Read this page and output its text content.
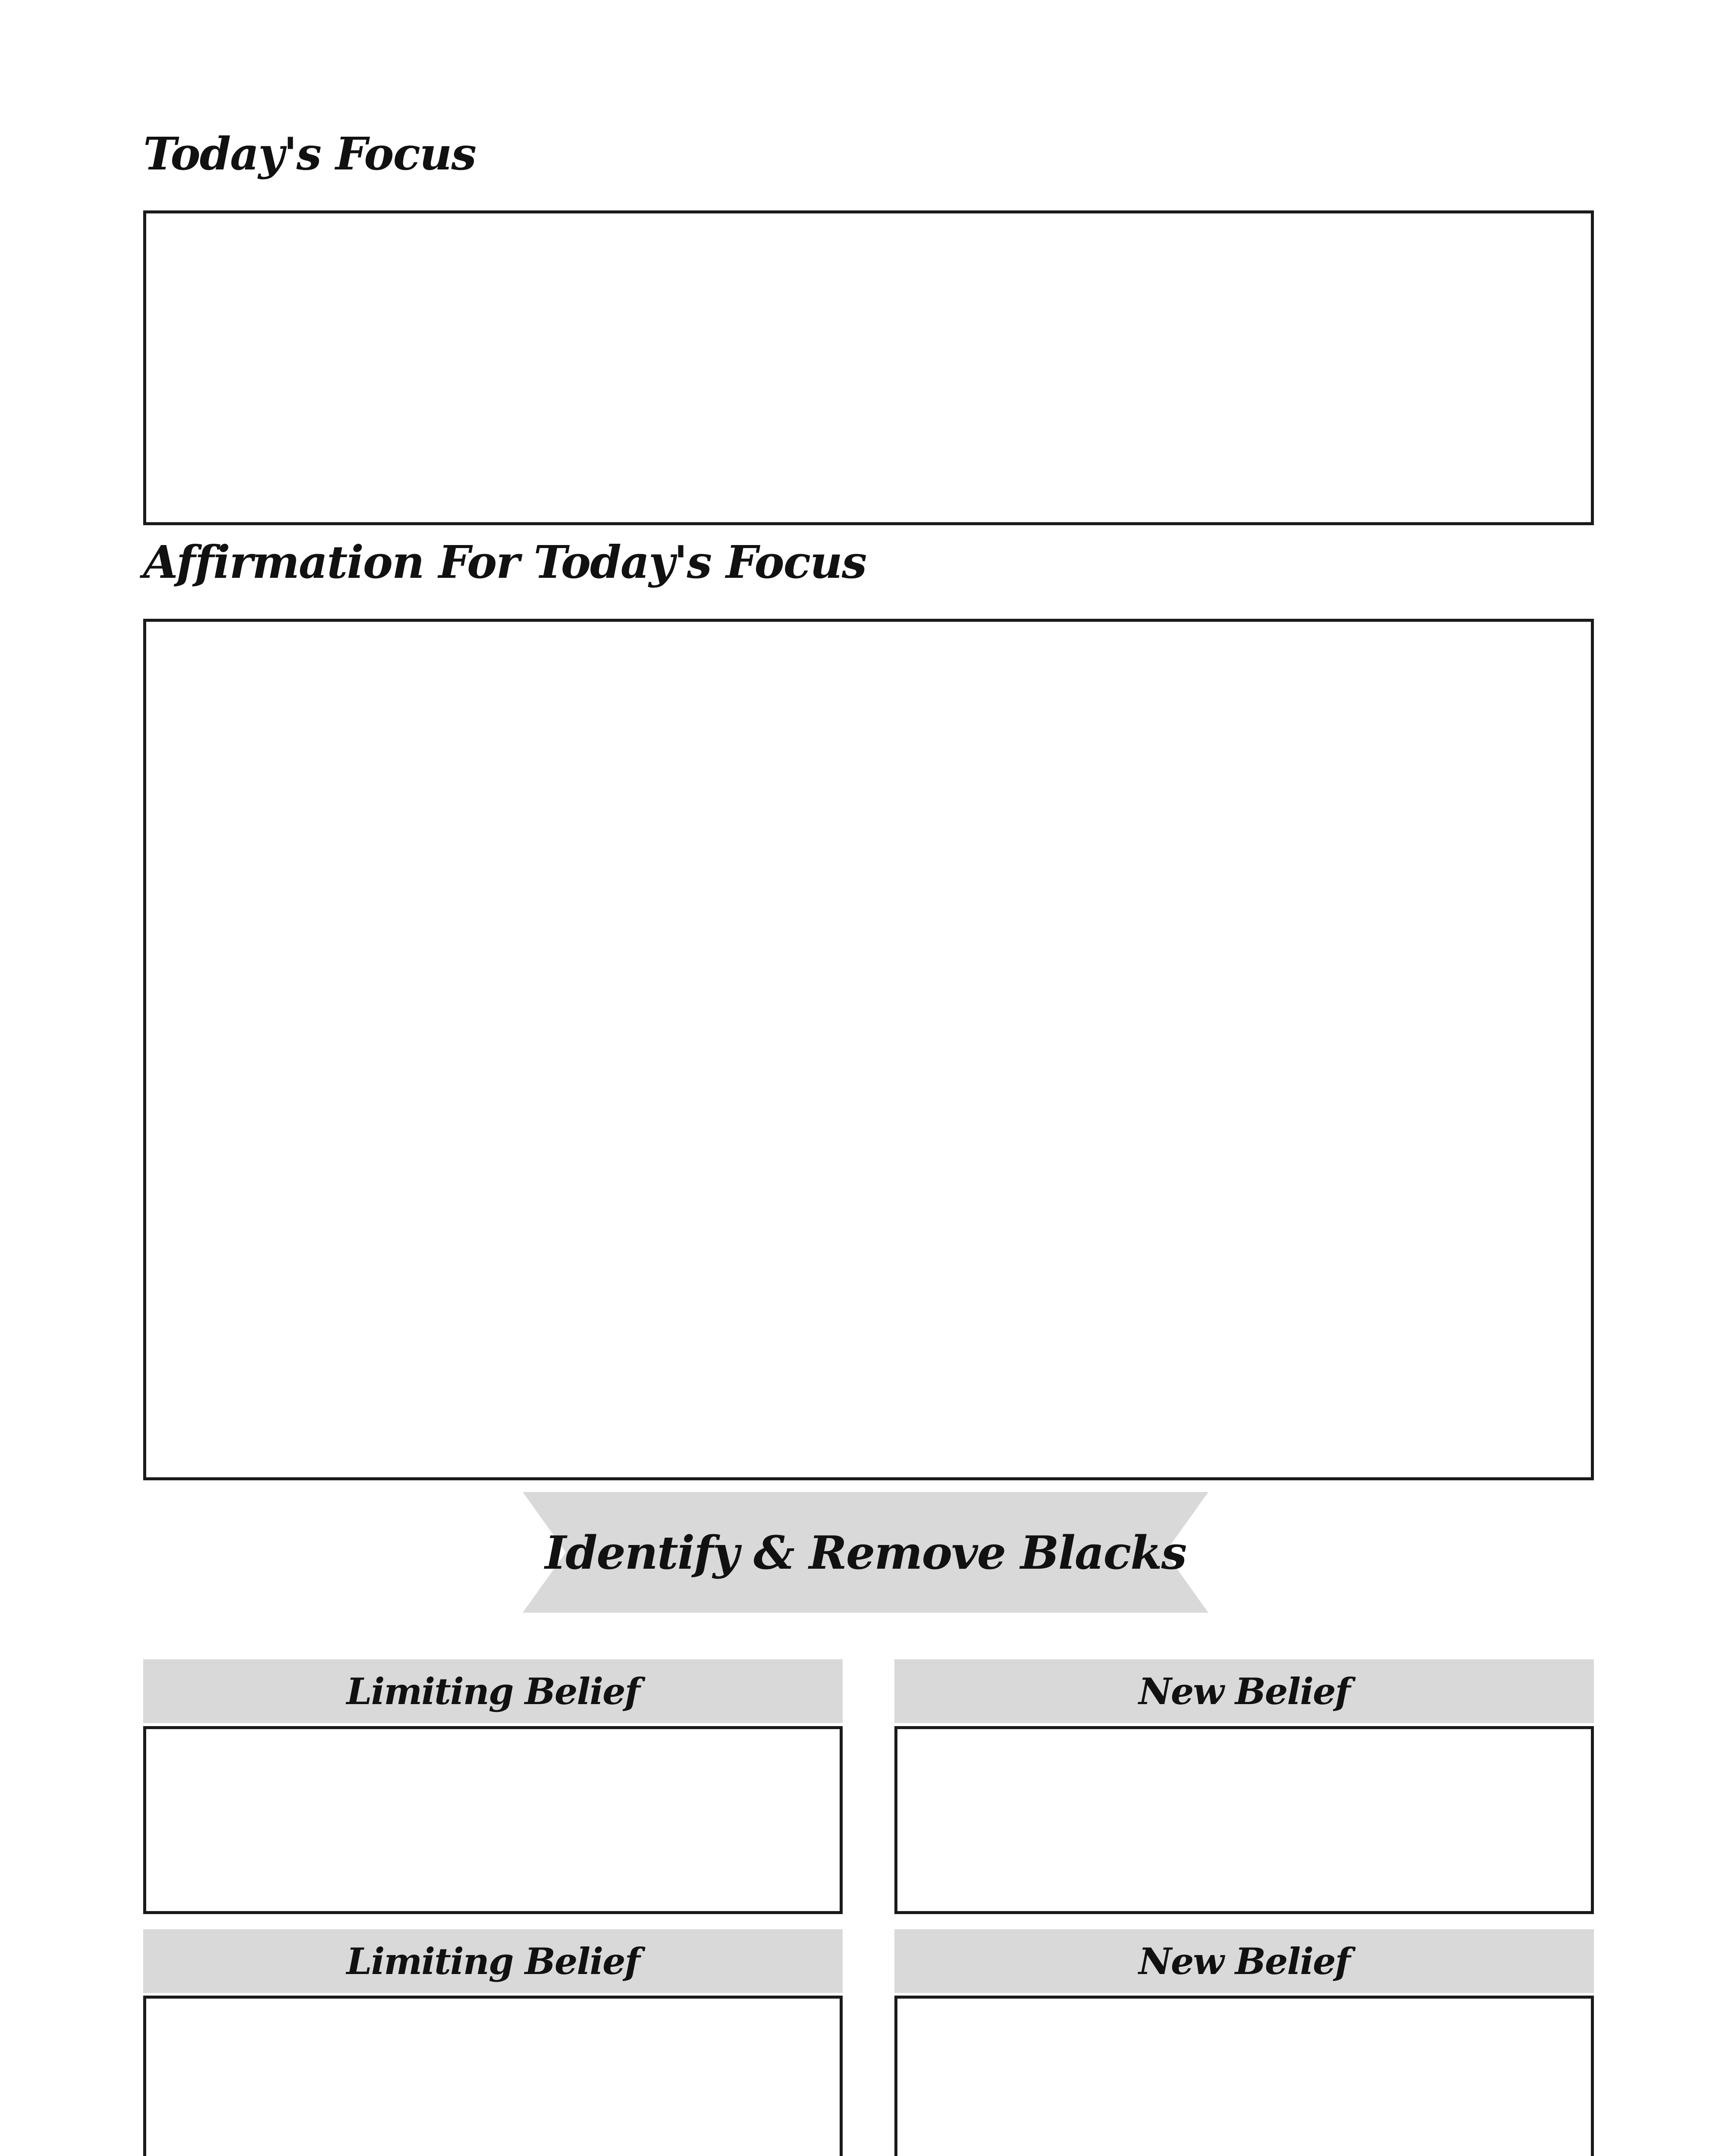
Today's Focus
Affirmation For Today's Focus
Identify & Remove Blacks
Limiting Belief	New Belief
Limiting Belief	New Belief
